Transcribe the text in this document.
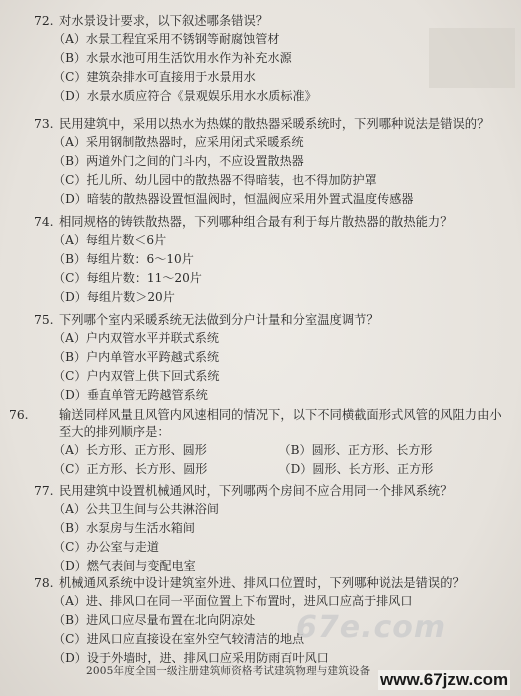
72. 对水景设计要求，以下叙述哪条错误？
（A）水景工程宜采用不锈钢等耐腐蚀管材
（B）水景水池可用生活饮用水作为补充水源
（C）建筑杂排水可直接用于水景用水
（D）水景水质应符合《景观娱乐用水水质标准》
73. 民用建筑中，采用以热水为热媒的散热器采暖系统时，下列哪种说法是错误的？
（A）采用钢制散热器时，应采用闭式采暖系统
（B）两道外门之间的门斗内，不应设置散热器
（C）托儿所、幼儿园中的散热器不得暗装，也不得加防护罩
（D）暗装的散热器设置恒温阀时，恒温阀应采用外置式温度传感器
74. 相同规格的铸铁散热器，下列哪种组合最有利于每片散热器的散热能力？
（A）每组片数＜6片
（B）每组片数：6～10片
（C）每组片数：11～20片
（D）每组片数＞20片
75. 下列哪个室内采暖系统无法做到分户计量和分室温度调节？
（A）户内双管水平并联式系统
（B）户内单管水平跨越式系统
（C）户内双管上供下回式系统
（D）垂直单管无跨越管系统
76. 输送同样风量且风管内风速相同的情况下，以下不同横截面形式风管的风阻力由小至大的排列顺序是：
（A）长方形、正方形、圆形	（B）圆形、正方形、长方形
（C）正方形、长方形、圆形	（D）圆形、长方形、正方形
77. 民用建筑中设置机械通风时，下列哪两个房间不应合用同一个排风系统？
（A）公共卫生间与公共淋浴间
（B）水泵房与生活水箱间
（C）办公室与走道
（D）燃气表间与变配电室
78. 机械通风系统中设计建筑室外进、排风口位置时，下列哪种说法是错误的？
（A）进、排风口在同一平面位置上下布置时，进风口应高于排风口
（B）进风口应尽量布置在北向阴凉处
（C）进风口应直接设在室外空气较清洁的地点
（D）设于外墙时，进、排风口应采用防雨百叶风口
67e.com
2005年度全国一级注册建筑师资格考试建筑物理与建筑设备 www.67jzw.com
